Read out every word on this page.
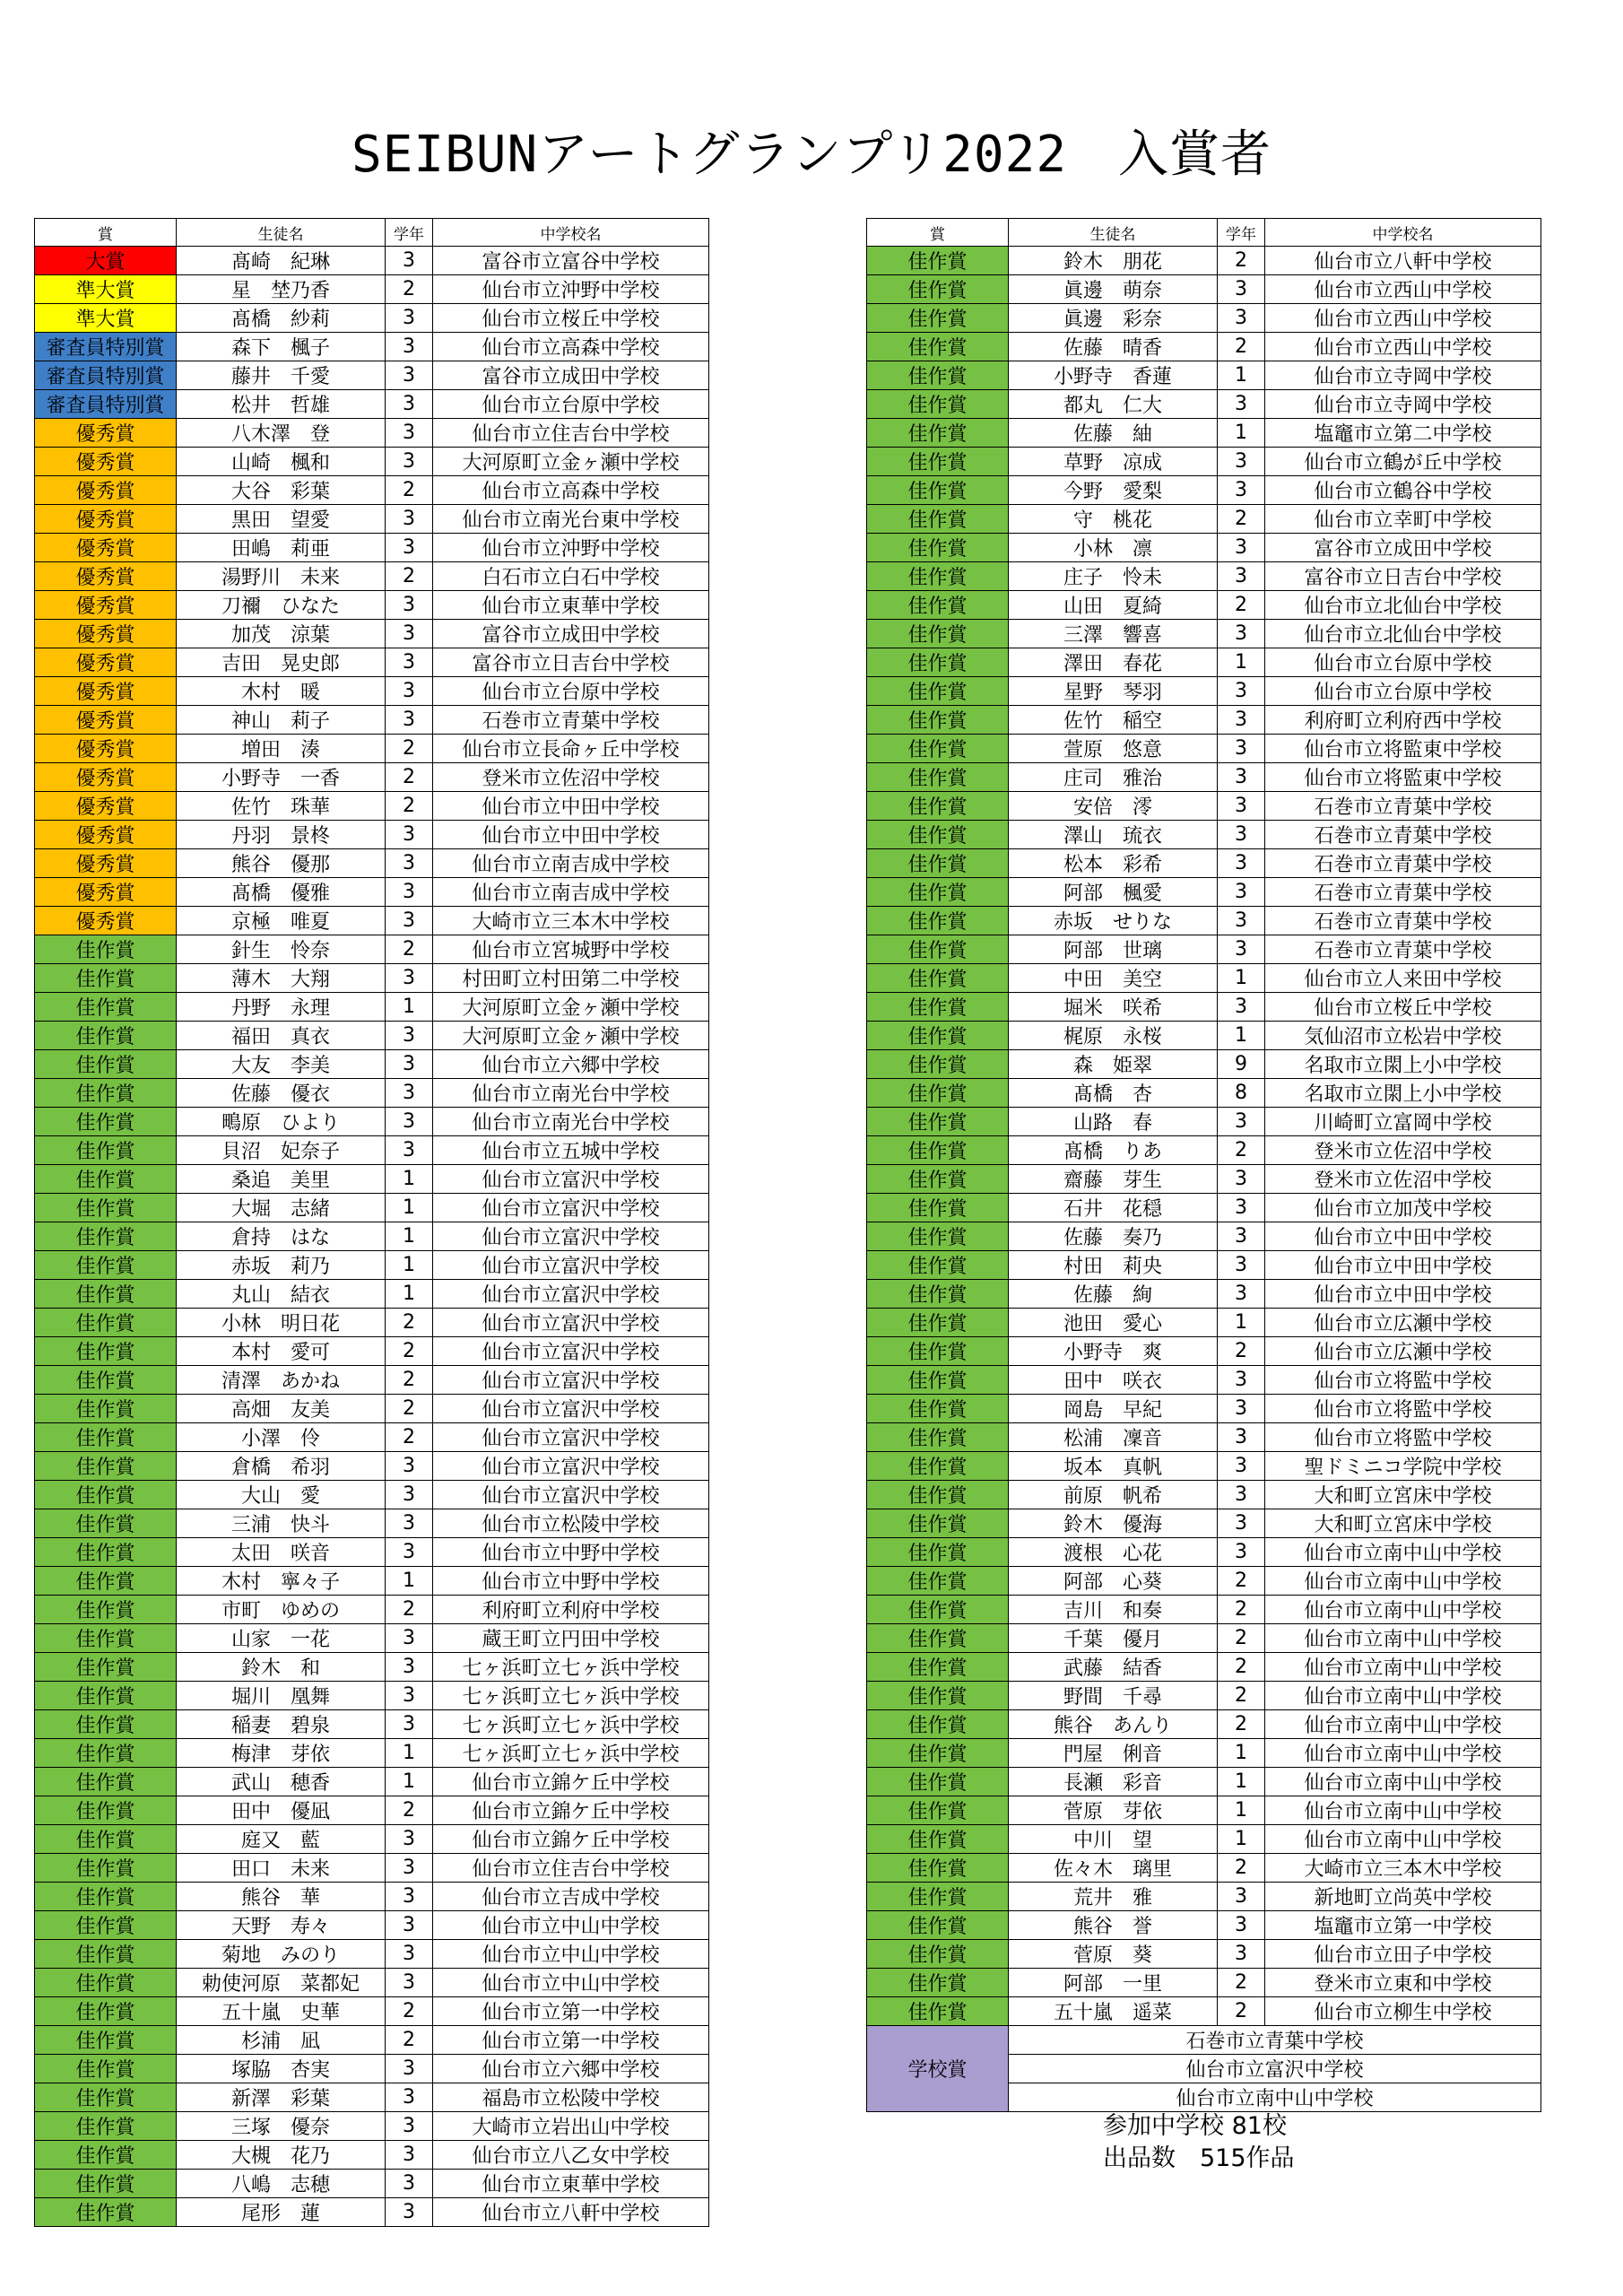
SEIBUNアートグランプリ2022　入賞者
賞	生徒名	学年	中学校名
大賞	髙崎　紀琳	3	富谷市立富谷中学校
準大賞	星　埜乃香	2	仙台市立沖野中学校
準大賞	髙橋　紗莉	3	仙台市立桜丘中学校
審査員特別賞	森下　楓子	3	仙台市立高森中学校
審査員特別賞	藤井　千愛	3	富谷市立成田中学校
審査員特別賞	松井　哲雄	3	仙台市立台原中学校
優秀賞	八木澤　登	3	仙台市立住吉台中学校
優秀賞	山崎　楓和	3	大河原町立金ヶ瀬中学校
優秀賞	大谷　彩葉	2	仙台市立高森中学校
優秀賞	黒田　望愛	3	仙台市立南光台東中学校
優秀賞	田嶋　莉亜	3	仙台市立沖野中学校
優秀賞	湯野川　未来	2	白石市立白石中学校
優秀賞	刀禰　ひなた	3	仙台市立東華中学校
優秀賞	加茂　涼葉	3	富谷市立成田中学校
優秀賞	吉田　晃史郎	3	富谷市立日吉台中学校
優秀賞	木村　暖	3	仙台市立台原中学校
優秀賞	神山　莉子	3	石巻市立青葉中学校
優秀賞	増田　湊	2	仙台市立長命ヶ丘中学校
優秀賞	小野寺　一香	2	登米市立佐沼中学校
優秀賞	佐竹　珠華	2	仙台市立中田中学校
優秀賞	丹羽　景柊	3	仙台市立中田中学校
優秀賞	熊谷　優那	3	仙台市立南吉成中学校
優秀賞	髙橋　優雅	3	仙台市立南吉成中学校
優秀賞	京極　唯夏	3	大崎市立三本木中学校
佳作賞	針生　怜奈	2	仙台市立宮城野中学校
佳作賞	薄木　大翔	3	村田町立村田第二中学校
佳作賞	丹野　永理	1	大河原町立金ヶ瀬中学校
佳作賞	福田　真衣	3	大河原町立金ヶ瀬中学校
佳作賞	大友　李美	3	仙台市立六郷中学校
佳作賞	佐藤　優衣	3	仙台市立南光台中学校
佳作賞	鴫原　ひより	3	仙台市立南光台中学校
佳作賞	貝沼　妃奈子	3	仙台市立五城中学校
佳作賞	桑追　美里	1	仙台市立富沢中学校
佳作賞	大堀　志緒	1	仙台市立富沢中学校
佳作賞	倉持　はな	1	仙台市立富沢中学校
佳作賞	赤坂　莉乃	1	仙台市立富沢中学校
佳作賞	丸山　結衣	1	仙台市立富沢中学校
佳作賞	小林　明日花	2	仙台市立富沢中学校
佳作賞	本村　愛可	2	仙台市立富沢中学校
佳作賞	清澤　あかね	2	仙台市立富沢中学校
佳作賞	高畑　友美	2	仙台市立富沢中学校
佳作賞	小澤　伶	2	仙台市立富沢中学校
佳作賞	倉橋　希羽	3	仙台市立富沢中学校
佳作賞	大山　愛	3	仙台市立富沢中学校
佳作賞	三浦　快斗	3	仙台市立松陵中学校
佳作賞	太田　咲音	3	仙台市立中野中学校
佳作賞	木村　寧々子	1	仙台市立中野中学校
佳作賞	市町　ゆめの	2	利府町立利府中学校
佳作賞	山家　一花	3	蔵王町立円田中学校
佳作賞	鈴木　和	3	七ヶ浜町立七ヶ浜中学校
佳作賞	堀川　凰舞	3	七ヶ浜町立七ヶ浜中学校
佳作賞	稲妻　碧泉	3	七ヶ浜町立七ヶ浜中学校
佳作賞	梅津　芽依	1	七ヶ浜町立七ヶ浜中学校
佳作賞	武山　穂香	1	仙台市立錦ケ丘中学校
佳作賞	田中　優凪	2	仙台市立錦ケ丘中学校
佳作賞	庭又　藍	3	仙台市立錦ケ丘中学校
佳作賞	田口　未来	3	仙台市立住吉台中学校
佳作賞	熊谷　華	3	仙台市立吉成中学校
佳作賞	天野　寿々	3	仙台市立中山中学校
佳作賞	菊地　みのり	3	仙台市立中山中学校
佳作賞	勅使河原　菜都妃	3	仙台市立中山中学校
佳作賞	五十嵐　史華	2	仙台市立第一中学校
佳作賞	杉浦　凪	2	仙台市立第一中学校
佳作賞	塚脇　杏実	3	仙台市立六郷中学校
佳作賞	新澤　彩葉	3	福島市立松陵中学校
佳作賞	三塚　優奈	3	大崎市立岩出山中学校
佳作賞	大槻　花乃	3	仙台市立八乙女中学校
佳作賞	八嶋　志穂	3	仙台市立東華中学校
佳作賞	尾形　蓮	3	仙台市立八軒中学校
賞	生徒名	学年	中学校名
佳作賞	鈴木　朋花	2	仙台市立八軒中学校
佳作賞	眞邊　萌奈	3	仙台市立西山中学校
佳作賞	眞邊　彩奈	3	仙台市立西山中学校
佳作賞	佐藤　晴香	2	仙台市立西山中学校
佳作賞	小野寺　香蓮	1	仙台市立寺岡中学校
佳作賞	都丸　仁大	3	仙台市立寺岡中学校
佳作賞	佐藤　紬	1	塩竈市立第二中学校
佳作賞	草野　凉成	3	仙台市立鶴が丘中学校
佳作賞	今野　愛梨	3	仙台市立鶴谷中学校
佳作賞	守　桃花	2	仙台市立幸町中学校
佳作賞	小林　凛	3	富谷市立成田中学校
佳作賞	庄子　怜未	3	富谷市立日吉台中学校
佳作賞	山田　夏綺	2	仙台市立北仙台中学校
佳作賞	三澤　響喜	3	仙台市立北仙台中学校
佳作賞	澤田　春花	1	仙台市立台原中学校
佳作賞	星野　琴羽	3	仙台市立台原中学校
佳作賞	佐竹　稲空	3	利府町立利府西中学校
佳作賞	萱原　悠意	3	仙台市立将監東中学校
佳作賞	庄司　雅治	3	仙台市立将監東中学校
佳作賞	安倍　澪	3	石巻市立青葉中学校
佳作賞	澤山　琉衣	3	石巻市立青葉中学校
佳作賞	松本　彩希	3	石巻市立青葉中学校
佳作賞	阿部　楓愛	3	石巻市立青葉中学校
佳作賞	赤坂　せりな	3	石巻市立青葉中学校
佳作賞	阿部　世璃	3	石巻市立青葉中学校
佳作賞	中田　美空	1	仙台市立人来田中学校
佳作賞	堀米　咲希	3	仙台市立桜丘中学校
佳作賞	梶原　永桜	1	気仙沼市立松岩中学校
佳作賞	森　姫翠	9	名取市立閖上小中学校
佳作賞	髙橋　杏	8	名取市立閖上小中学校
佳作賞	山路　春	3	川崎町立富岡中学校
佳作賞	髙橋　りあ	2	登米市立佐沼中学校
佳作賞	齋藤　芽生	3	登米市立佐沼中学校
佳作賞	石井　花穏	3	仙台市立加茂中学校
佳作賞	佐藤　奏乃	3	仙台市立中田中学校
佳作賞	村田　莉央	3	仙台市立中田中学校
佳作賞	佐藤　絢	3	仙台市立中田中学校
佳作賞	池田　愛心	1	仙台市立広瀬中学校
佳作賞	小野寺　爽	2	仙台市立広瀬中学校
佳作賞	田中　咲衣	3	仙台市立将監中学校
佳作賞	岡島　早紀	3	仙台市立将監中学校
佳作賞	松浦　凜音	3	仙台市立将監中学校
佳作賞	坂本　真帆	3	聖ドミニコ学院中学校
佳作賞	前原　帆希	3	大和町立宮床中学校
佳作賞	鈴木　優海	3	大和町立宮床中学校
佳作賞	渡根　心花	3	仙台市立南中山中学校
佳作賞	阿部　心葵	2	仙台市立南中山中学校
佳作賞	吉川　和奏	2	仙台市立南中山中学校
佳作賞	千葉　優月	2	仙台市立南中山中学校
佳作賞	武藤　結香	2	仙台市立南中山中学校
佳作賞	野間　千尋	2	仙台市立南中山中学校
佳作賞	熊谷　あんり	2	仙台市立南中山中学校
佳作賞	門屋　俐音	1	仙台市立南中山中学校
佳作賞	長瀬　彩音	1	仙台市立南中山中学校
佳作賞	菅原　芽依	1	仙台市立南中山中学校
佳作賞	中川　望	1	仙台市立南中山中学校
佳作賞	佐々木　璃里	2	大崎市立三本木中学校
佳作賞	荒井　雅	3	新地町立尚英中学校
佳作賞	熊谷　誉	3	塩竈市立第一中学校
佳作賞	菅原　葵	3	仙台市立田子中学校
佳作賞	阿部　一里	2	登米市立東和中学校
佳作賞	五十嵐　遥菜	2	仙台市立柳生中学校
学校賞	石巻市立青葉中学校		
	仙台市立富沢中学校		
	仙台市立南中山中学校		
参加中学校 81校
出品数　515作品
